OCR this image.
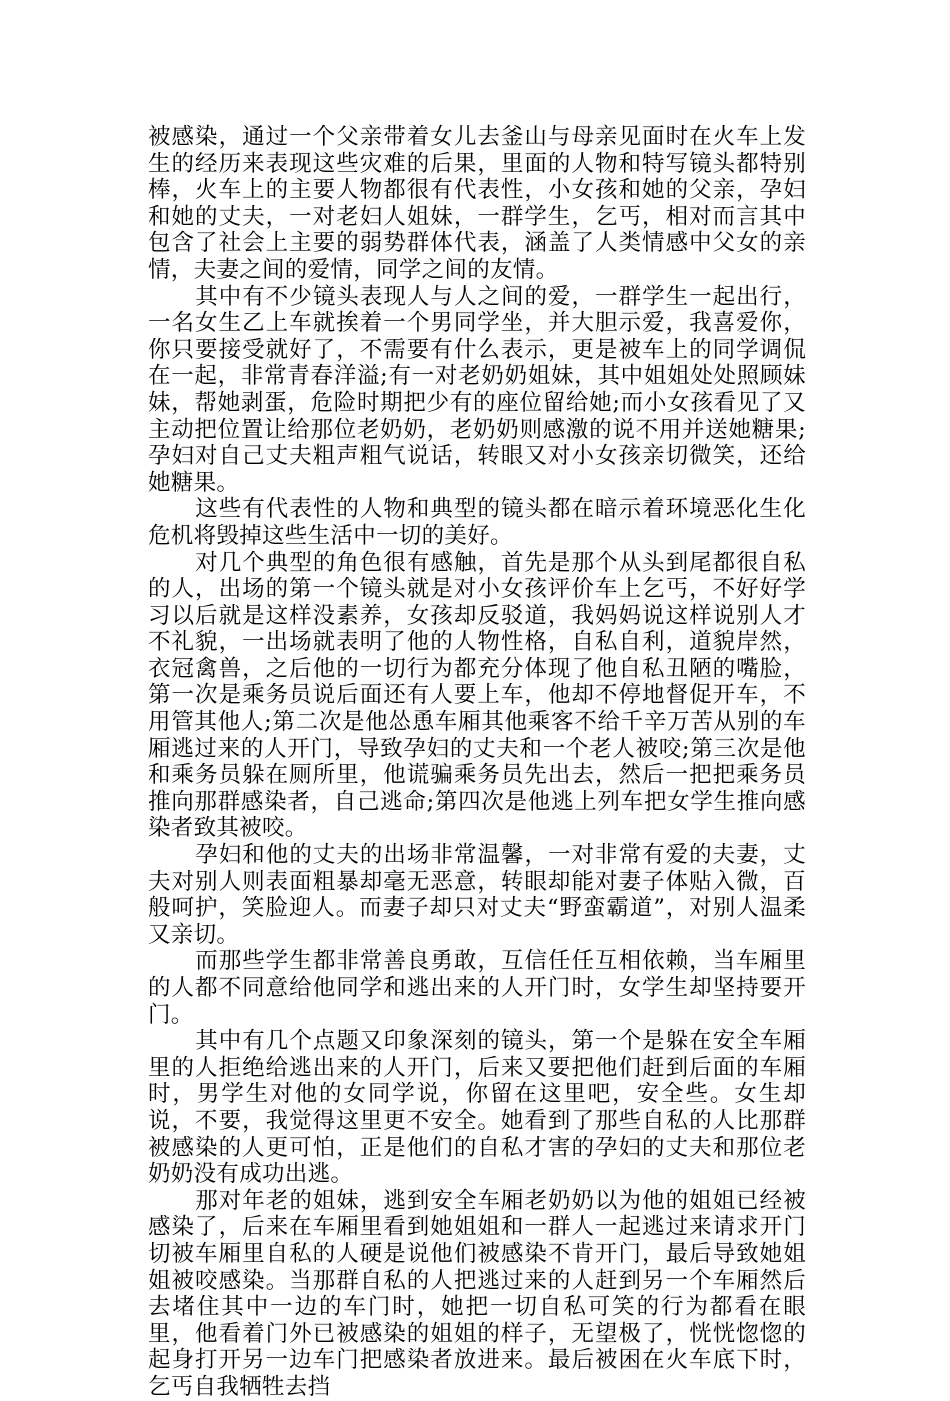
被感染，通过一个父亲带着女儿去釜山与母亲见面时在火车上发生的经历来表现这些灾难的后果，里面的人物和特写镜头都特别棒，火车上的主要人物都很有代表性，小女孩和她的父亲，孕妇和她的丈夫，一对老妇人姐妹，一群学生，乞丐，相对而言其中包含了社会上主要的弱势群体代表，涵盖了人类情感中父女的亲情，夫妻之间的爱情，同学之间的友情。

其中有不少镜头表现人与人之间的爱，一群学生一起出行，一名女生乙上车就挨着一个男同学坐，并大胆示爱，我喜爱你，你只要接受就好了，不需要有什么表示，更是被车上的同学调侃在一起，非常青春洋溢;有一对老奶奶姐妹，其中姐姐处处照顾妹妹，帮她剥蛋，危险时期把少有的座位留给她;而小女孩看见了又主动把位置让给那位老奶奶，老奶奶则感激的说不用并送她糖果;孕妇对自己丈夫粗声粗气说话，转眼又对小女孩亲切微笑，还给她糖果。

这些有代表性的人物和典型的镜头都在暗示着环境恶化生化危机将毁掉这些生活中一切的美好。

对几个典型的角色很有感触，首先是那个从头到尾都很自私的人，出场的第一个镜头就是对小女孩评价车上乞丐，不好好学习以后就是这样没素养，女孩却反驳道，我妈妈说这样说别人才不礼貌，一出场就表明了他的人物性格，自私自利，道貌岸然，衣冠禽兽，之后他的一切行为都充分体现了他自私丑陋的嘴脸，第一次是乘务员说后面还有人要上车，他却不停地督促开车，不用管其他人;第二次是他怂恿车厢其他乘客不给千辛万苦从别的车厢逃过来的人开门，导致孕妇的丈夫和一个老人被咬;第三次是他和乘务员躲在厕所里，他谎骗乘务员先出去，然后一把把乘务员推向那群感染者，自己逃命;第四次是他逃上列车把女学生推向感染者致其被咬。

孕妇和他的丈夫的出场非常温馨，一对非常有爱的夫妻，丈夫对别人则表面粗暴却毫无恶意，转眼却能对妻子体贴入微，百般呵护，笑脸迎人。而妻子却只对丈夫“野蛮霸道”，对别人温柔又亲切。

而那些学生都非常善良勇敢，互信任任互相依赖，当车厢里的人都不同意给他同学和逃出来的人开门时，女学生却坚持要开门。

其中有几个点题又印象深刻的镜头，第一个是躲在安全车厢里的人拒绝给逃出来的人开门，后来又要把他们赶到后面的车厢时，男学生对他的女同学说，你留在这里吧，安全些。女生却说，不要，我觉得这里更不安全。她看到了那些自私的人比那群被感染的人更可怕，正是他们的自私才害的孕妇的丈夫和那位老奶奶没有成功出逃。

那对年老的姐妹，逃到安全车厢老奶奶以为他的姐姐已经被感染了，后来在车厢里看到她姐姐和一群人一起逃过来请求开门切被车厢里自私的人硬是说他们被感染不肯开门，最后导致她姐姐被咬感染。当那群自私的人把逃过来的人赶到另一个车厢然后去堵住其中一边的车门时，她把一切自私可笑的行为都看在眼里，他看着门外已被感染的姐姐的样子，无望极了，恍恍惚惚的起身打开另一边车门把感染者放进来。最后被困在火车底下时，乞丐自我牺牲去挡
